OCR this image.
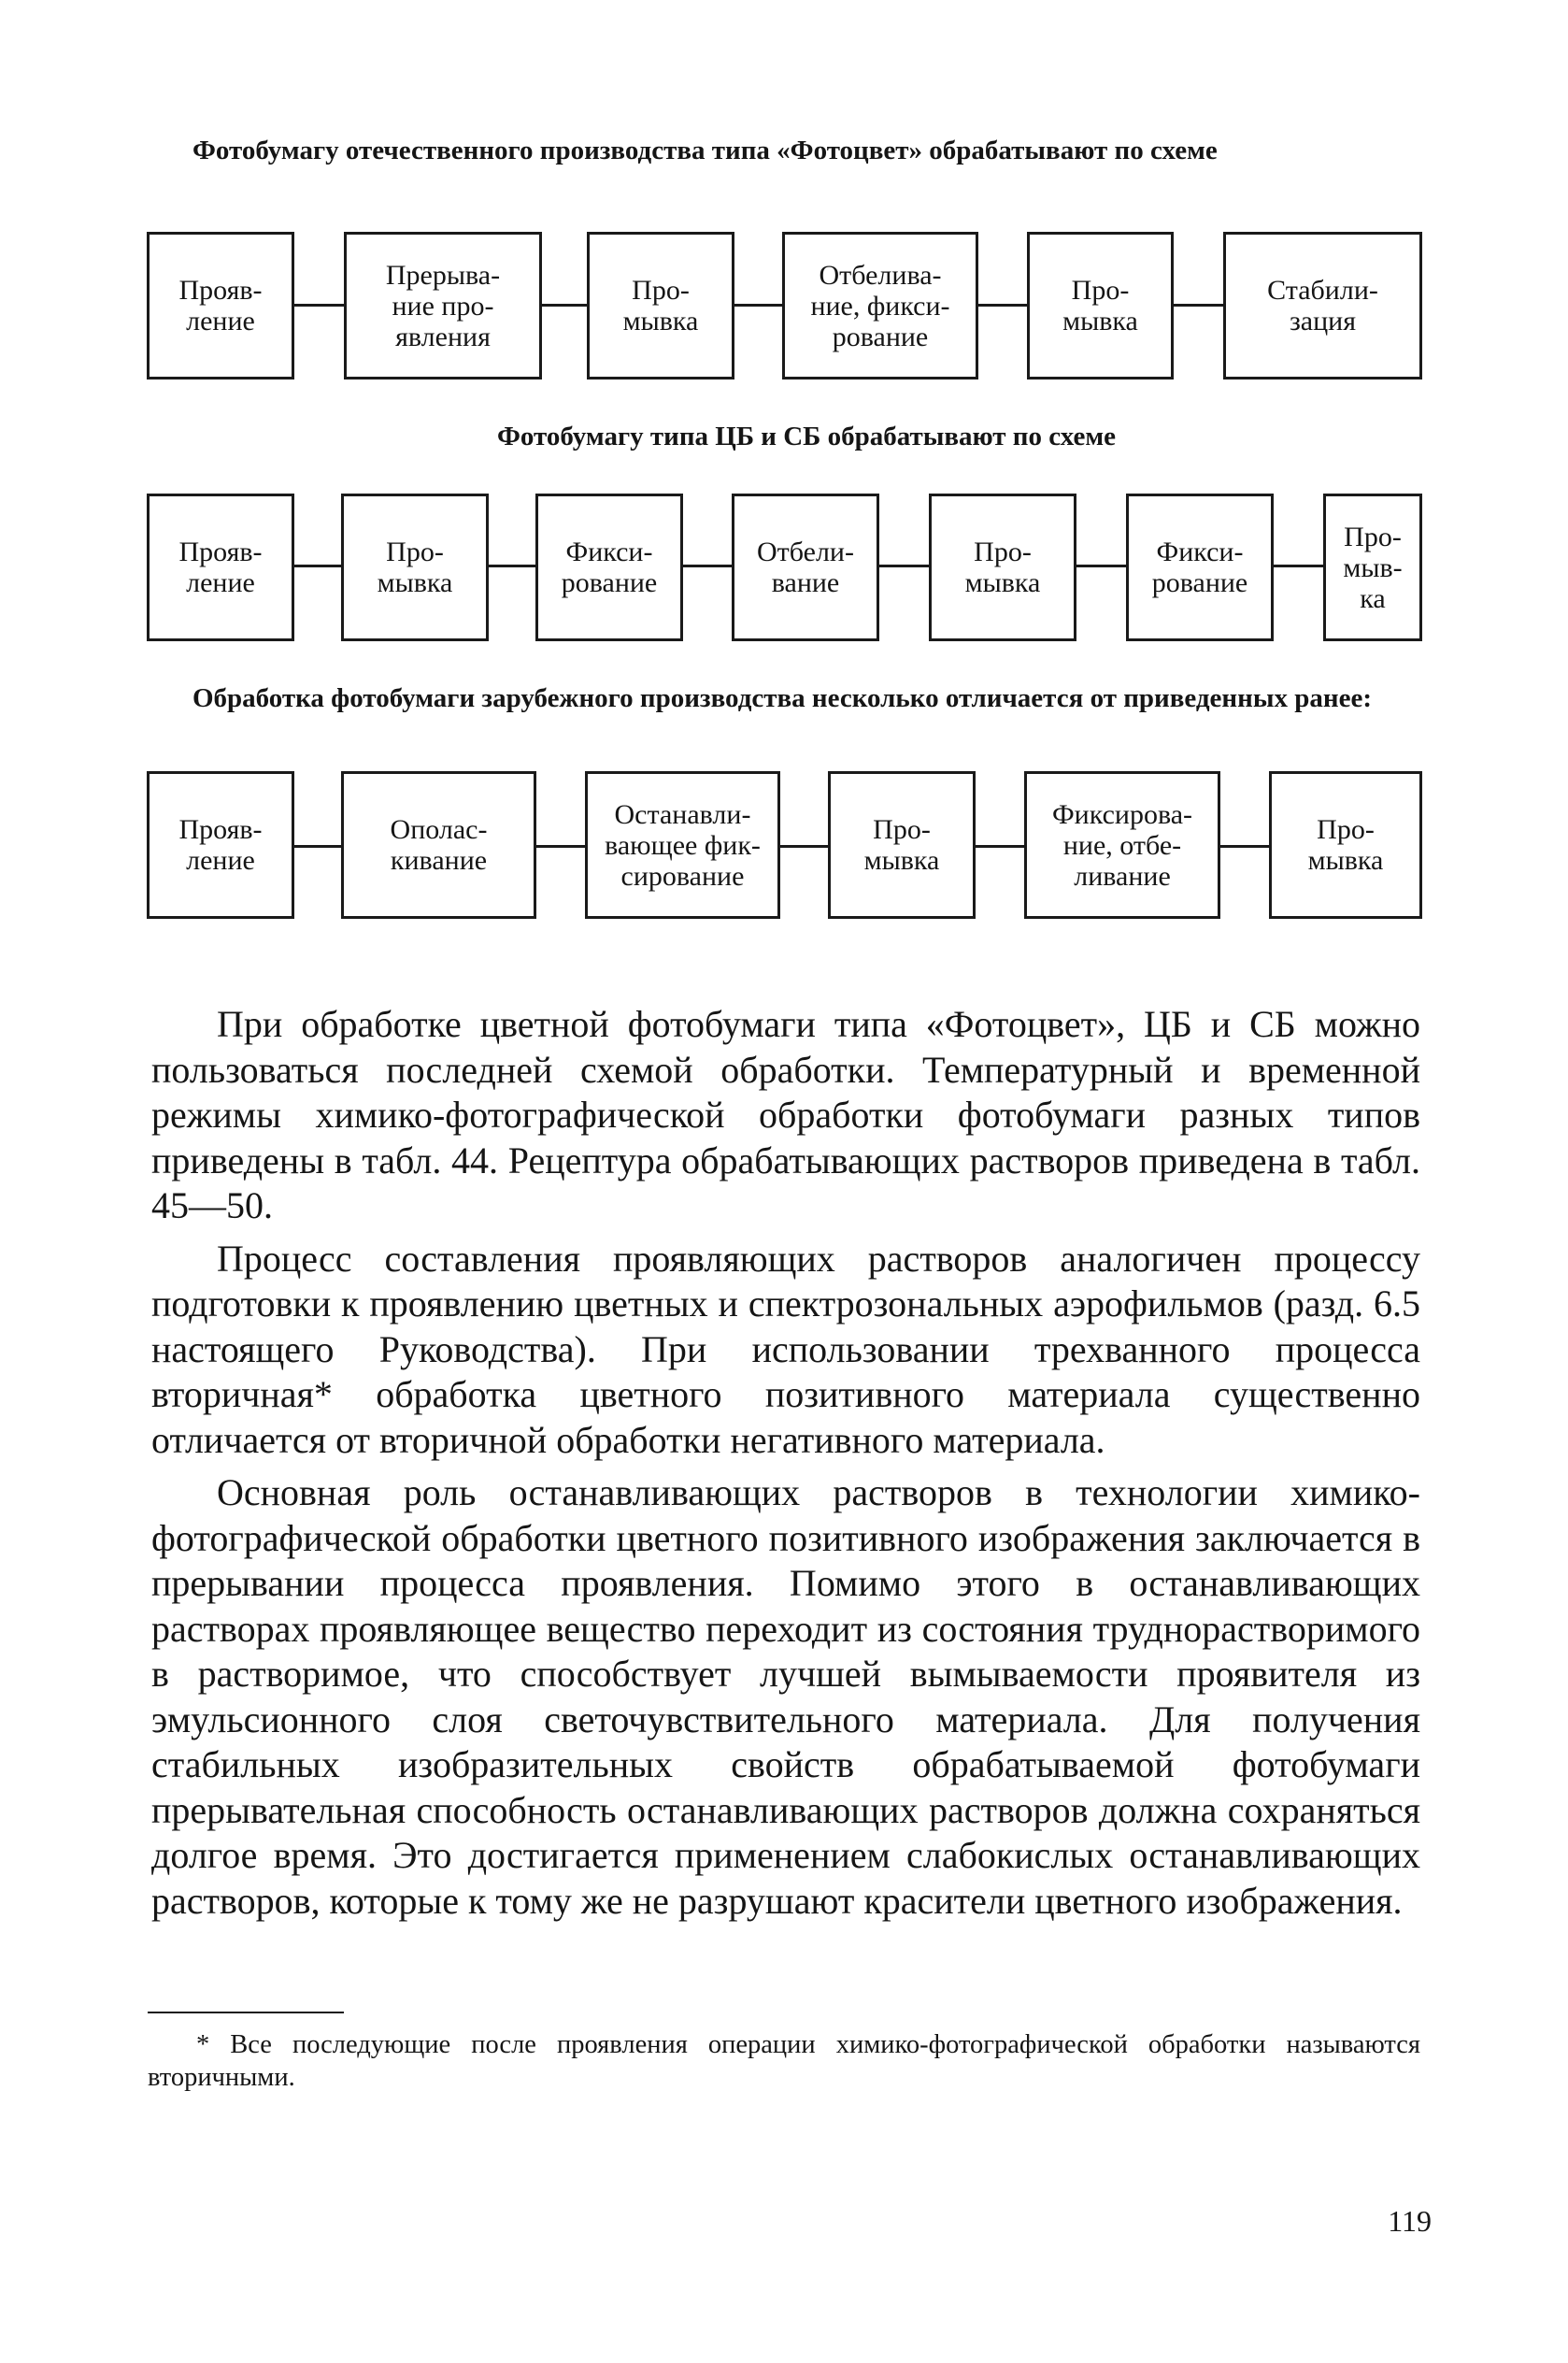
Фотобумагу отечественного производства типа «Фотоцвет» обрабатывают по схеме
Прояв-
ление
Прерыва-
ние про-
явления
Про-
мывка
Отбелива-
ние, фикси-
рование
Про-
мывка
Стабили-
зация
Фотобумагу типа ЦБ и СБ обрабатывают по схеме
Прояв-
ление
Про-
мывка
Фикси-
рование
Отбели-
вание
Про-
мывка
Фикси-
рование
Про-
мыв-
ка
Обработка фотобумаги зарубежного производства несколько отличается от приведенных ранее:
Прояв-
ление
Ополас-
кивание
Останавли-
вающее фик-
сирование
Про-
мывка
Фиксирова-
ние, отбе-
ливание
Про-
мывка

При обработке цветной фотобумаги типа «Фотоцвет», ЦБ и СБ можно пользоваться последней схемой обработки. Температурный и временной режимы химико-фотографической обработки фотобумаги разных типов приведены в табл. 44. Рецептура обрабатывающих растворов приведена в табл. 45—50.

Процесс составления проявляющих растворов аналогичен процессу подготовки к проявлению цветных и спектрозональных аэрофильмов (разд. 6.5 настоящего Руководства). При использовании трехванного процесса вторичная* обработка цветного позитивного материала существенно отличается от вторичной обработки негативного материала.

Основная роль останавливающих растворов в технологии химико-фотографической обработки цветного позитивного изображения заключается в прерывании процесса проявления. Помимо этого в останавливающих растворах проявляющее вещество переходит из состояния труднорастворимого в растворимое, что способствует лучшей вымываемости проявителя из эмульсионного слоя светочувствительного материала. Для получения стабильных изобразительных свойств обрабатываемой фотобумаги прерывательная способность останавливающих растворов должна сохраняться долгое время. Это достигается применением слабокислых останавливающих растворов, которые к тому же не разрушают красители цветного изображения.

* Все последующие после проявления операции химико-фотографической обработки называются вторичными.

119
